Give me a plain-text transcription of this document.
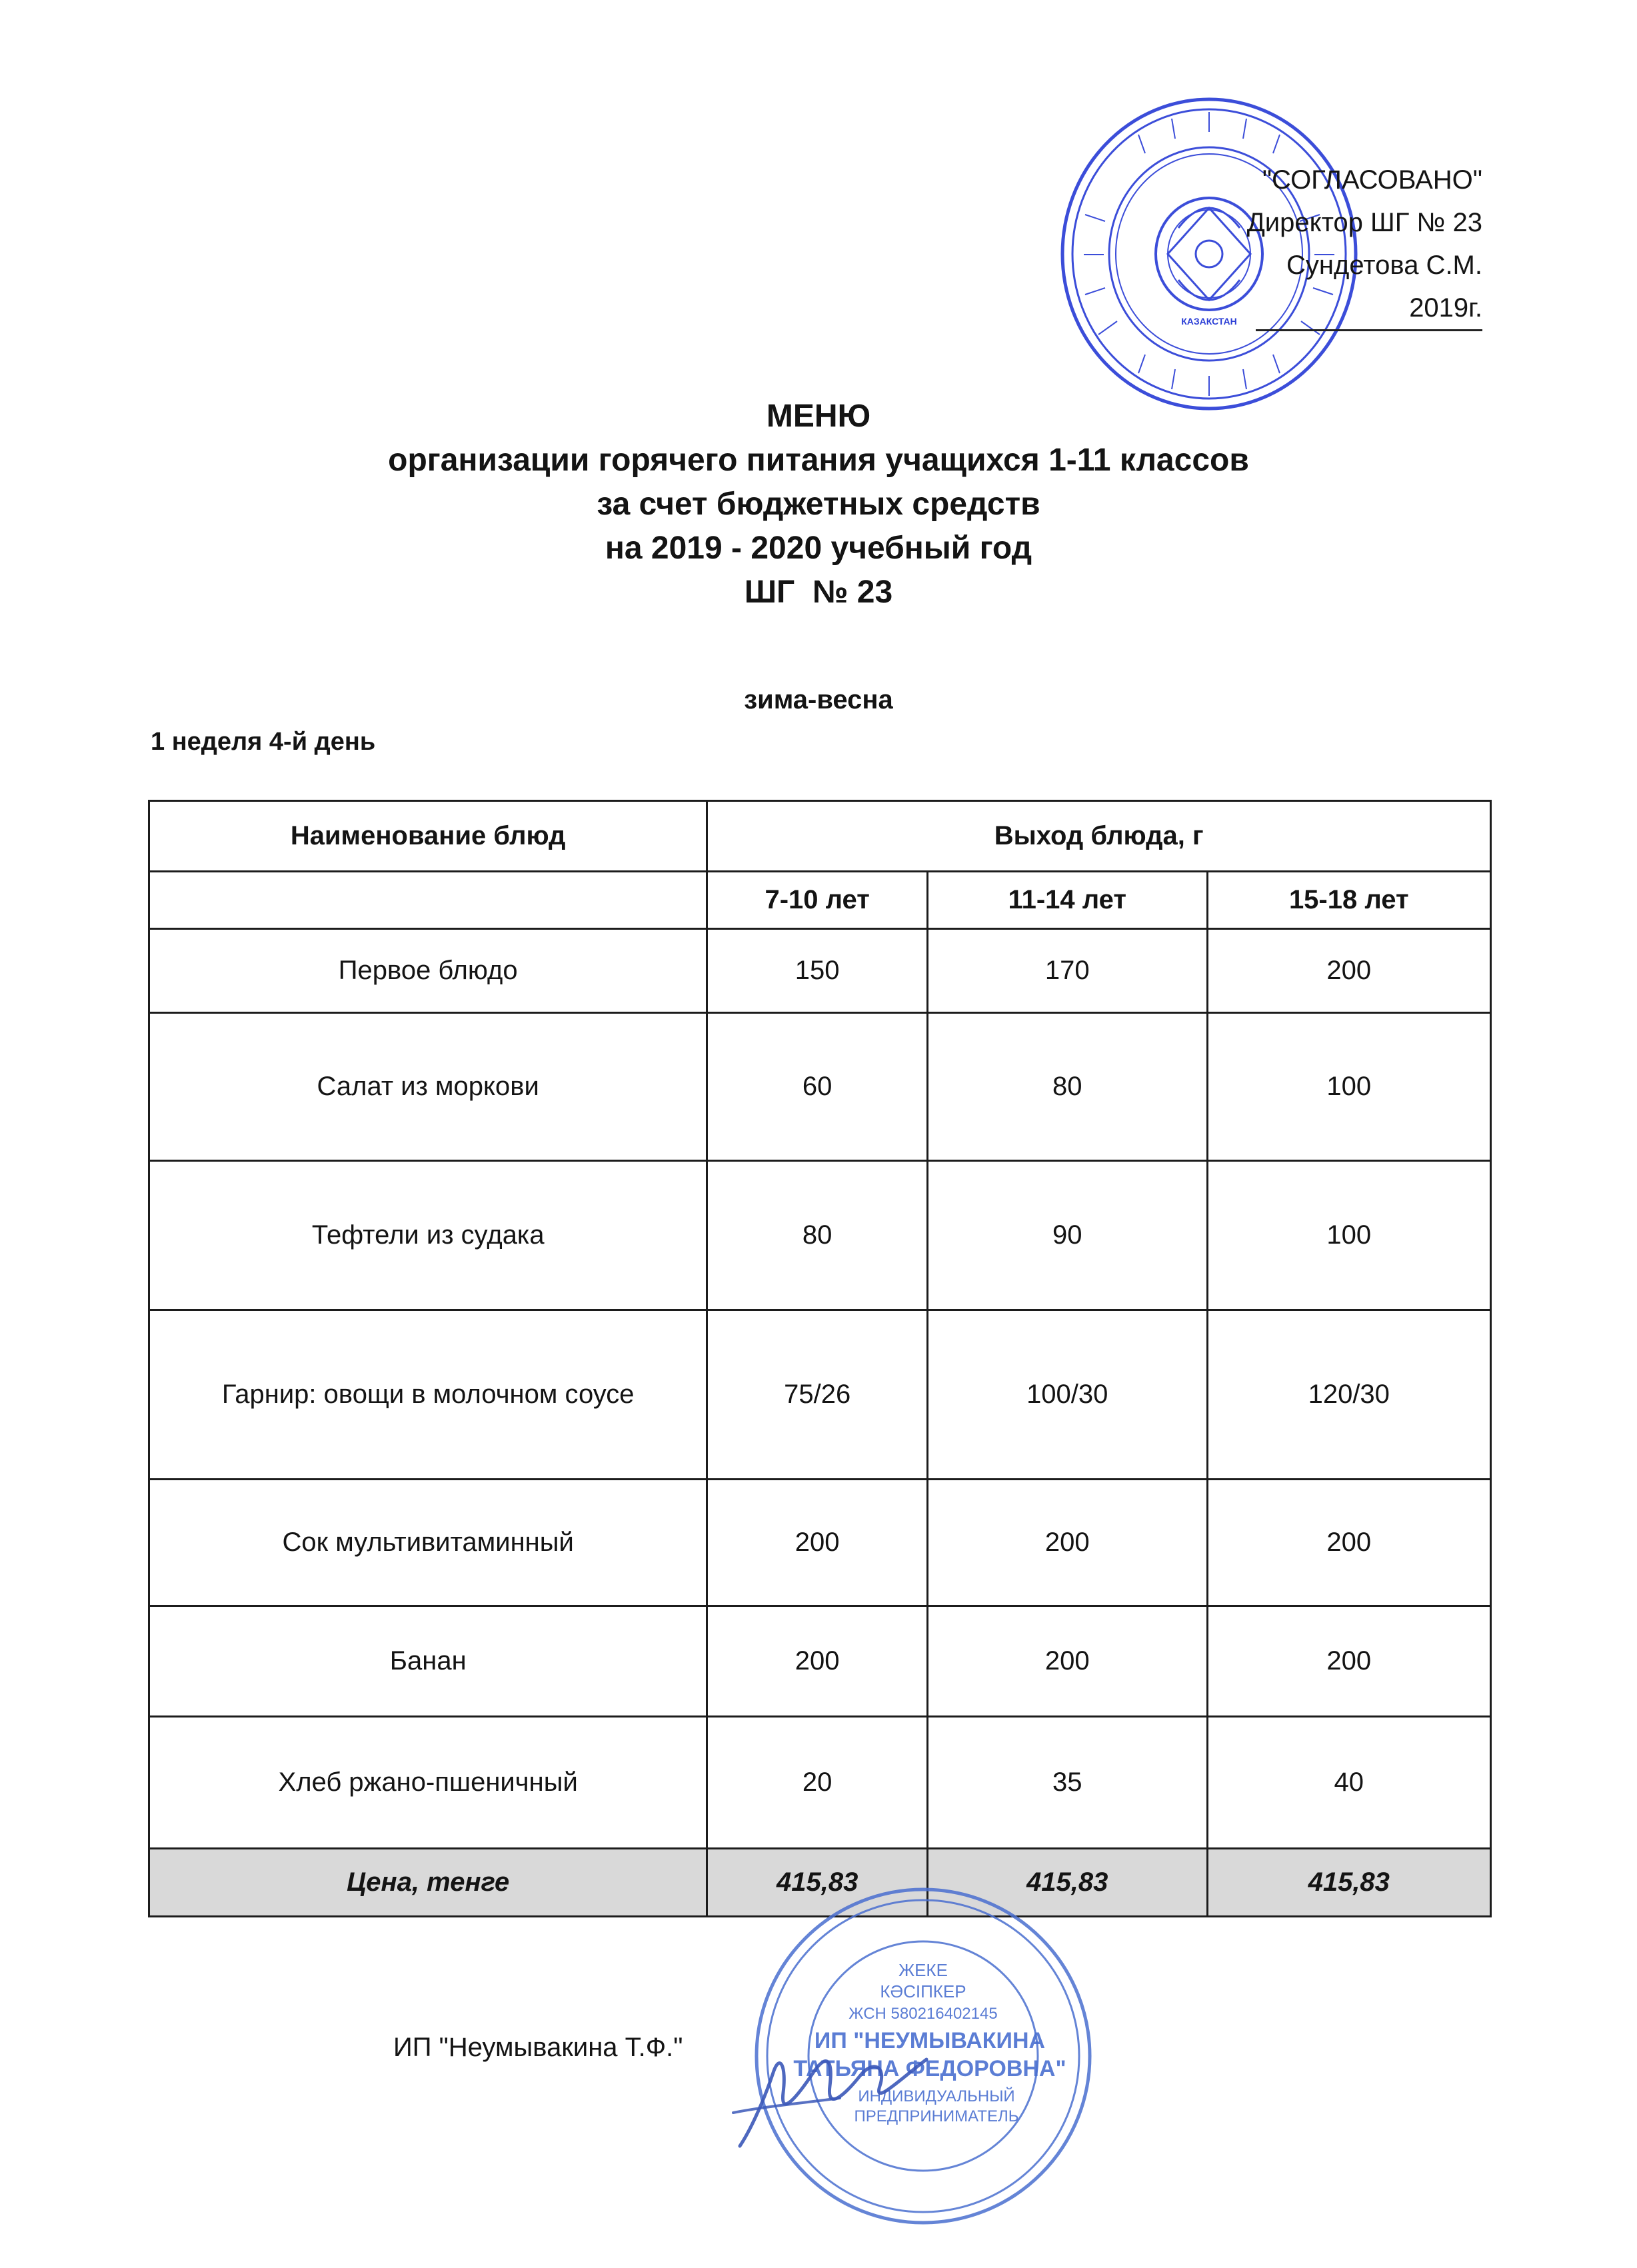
КАЗАКСТАН
"СОГЛАСОВАНО"
Директор ШГ № 23
Сундетова С.М.
2019г.
МЕНЮ
организации горячего питания учащихся 1-11 классов
за счет бюджетных средств
на 2019 - 2020 учебный год
ШГ  № 23
зима-весна
1 неделя 4-й день
Наименование блюд	Выход блюда, г		
	7-10 лет	11-14 лет	15-18 лет
Первое блюдо	150	170	200
Салат из моркови	60	80	100
Тефтели из судака	80	90	100
Гарнир: овощи в молочном соусе	75/26	100/30	120/30
Сок мультивитаминный	200	200	200
Банан	200	200	200
Хлеб ржано-пшеничный	20	35	40
Цена, тенге	415,83	415,83	415,83
ИП "Неумывакина Т.Ф."
ЖЕКЕ
КӘСІПКЕР
ЖСН 580216402145
ИП "НЕУМЫВАКИНА
ТАТЬЯНА ФЕДОРОВНА"
ИНДИВИДУАЛЬНЫЙ
ПРЕДПРИНИМАТЕЛЬ
